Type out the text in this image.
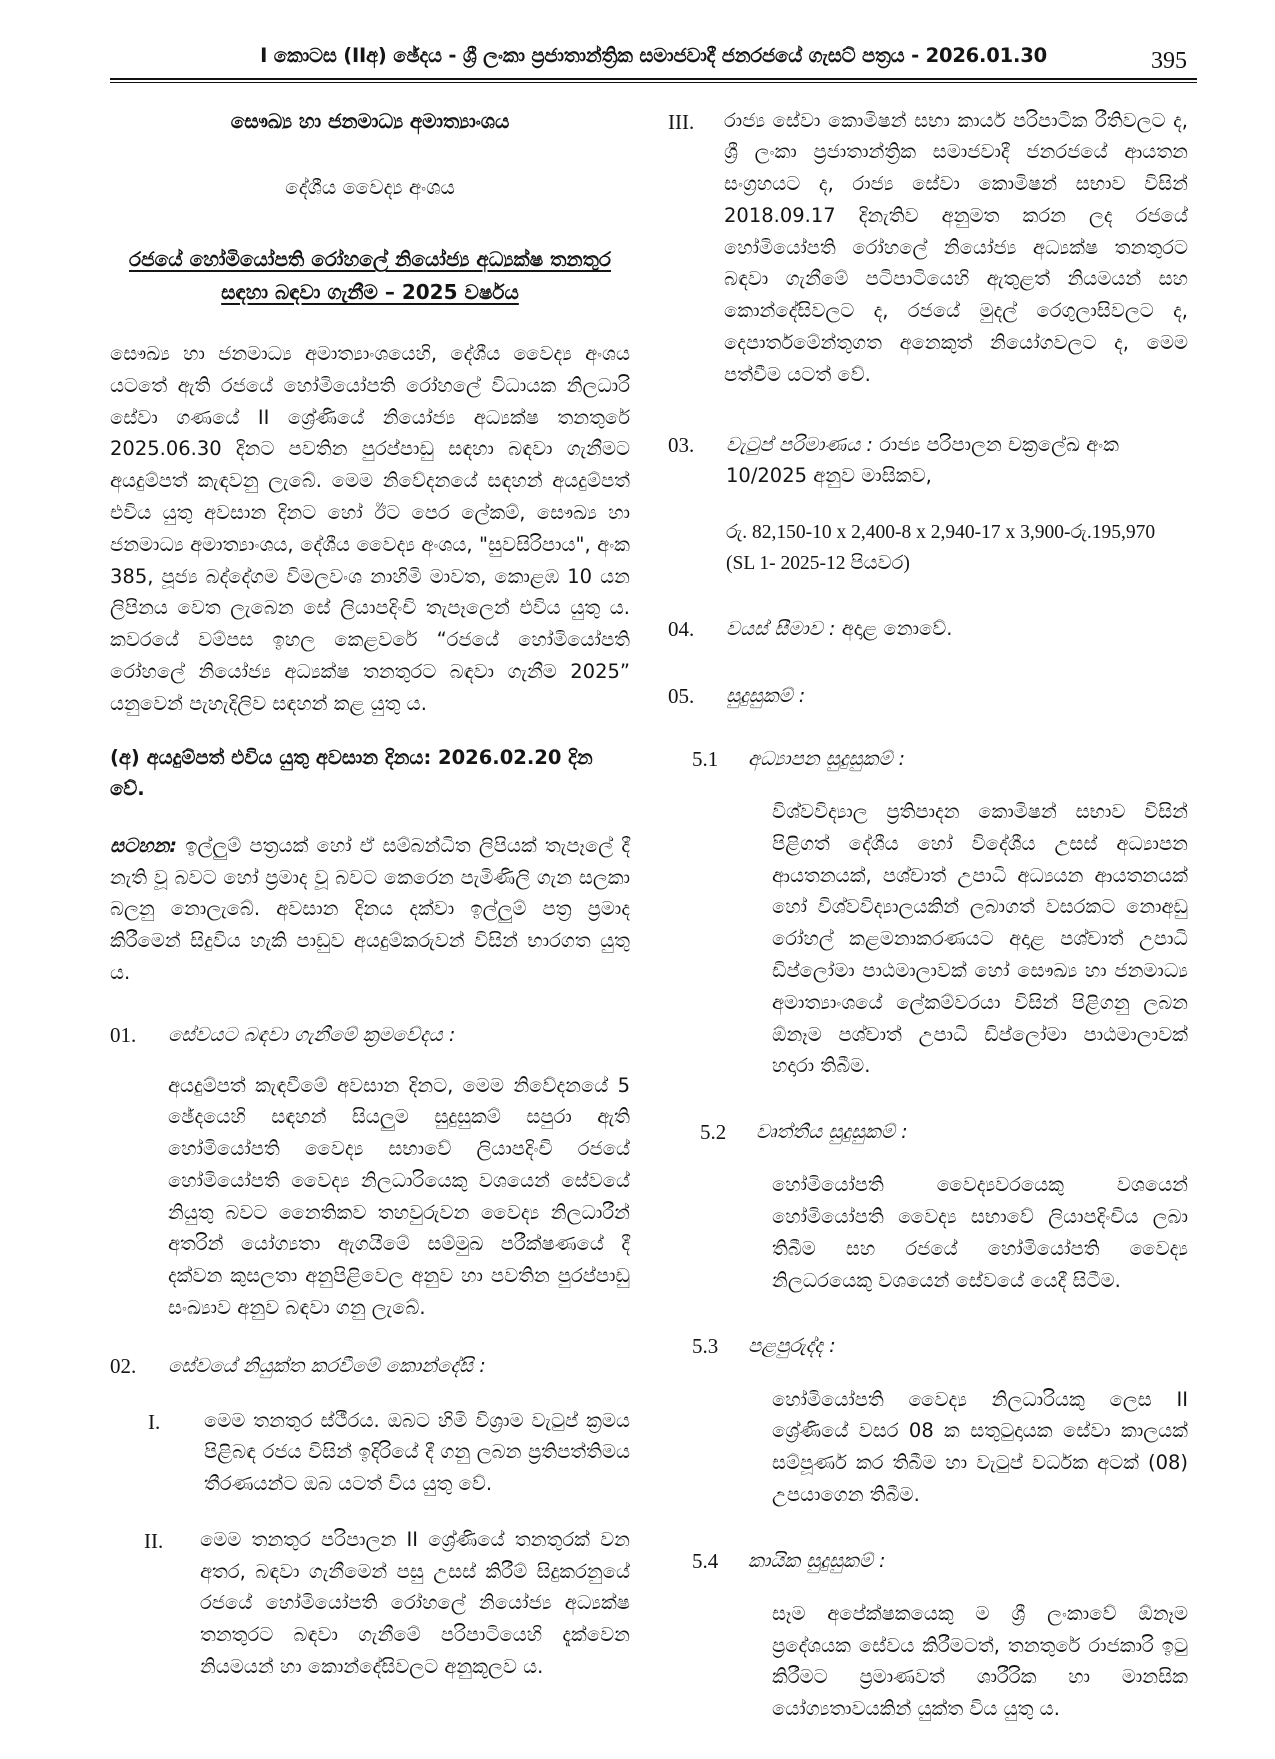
I කොටස (IIඅ) ඡේදය - ශ්‍රී ලංකා ප්‍රජාතාන්ත්‍රික සමාජවාදී ජනරජයේ ගැසට් පත්‍රය - 2026.01.30	395
සෞඛ්‍ය හා ජනමාධ්‍ය අමාත්‍යාංශය
දේශීය වෛද්‍ය අංශය
රජයේ හෝමියෝපති රෝහලේ නියෝජ්‍ය අධ්‍යක්ෂ තනතුර
සඳහා බඳවා ගැනීම – 2025 වර්ෂය

සෞඛ්‍ය හා ජනමාධ්‍ය අමාත්‍යාංශයෙහි, දේශීය වෛද්‍ය අංශය යටතේ ඇති රජයේ හෝමියෝපති රෝහලේ විධායක නිලධාරි සේවා ගණයේ II ශ්‍රේණියේ නියෝජ්‍ය අධ්‍යක්ෂ තනතුරේ 2025.06.30 දිනට පවතින පුරප්පාඩු සඳහා බඳවා ගැනීමට අයදුම්පත් කැඳවනු ලැබේ. මෙම නිවේදනයේ සඳහන් අයදුම්පත් එවිය යුතු අවසාන දිනට හෝ ඊට පෙර ලේකම්, සෞඛ්‍ය හා ජනමාධ්‍ය අමාත්‍යාංශය, දේශීය වෛද්‍ය අංශය, "සුවසිරිපාය", අංක 385, පූජ්‍ය බද්දේගම විමලවංශ නාහිමි මාවත, කොළඹ 10 යන ලිපිනය වෙත ලැබෙන සේ ලියාපදිංචි තැපෑලෙන් එවිය යුතු ය. කවරයේ වම්පස ඉහල කෙළවරේ “රජයේ හෝමියෝපති රෝහලේ නියෝජ්‍ය අධ්‍යක්ෂ තනතුරට බඳවා ගැනීම 2025” යනුවෙන් පැහැදිලිව සඳහන් කළ යුතු ය.

(අ) අයදුම්පත් එවිය යුතු අවසාන දිනය: 2026.02.20 දින වේ.

සටහන: ඉල්ලුම් පත්‍රයක් හෝ ඒ සම්බන්ධිත ලිපියක් තැපෑලේ දී නැති වූ බවට හෝ ප්‍රමාද වූ බවට කෙරෙන පැමිණිලි ගැන සලකා බලනු නොලැබේ. අවසාන දිනය දක්වා ඉල්ලුම් පත්‍ර ප්‍රමාද කිරීමෙන් සිදුවිය හැකි පාඩුව අයදුම්කරුවන් විසින් භාරගත යුතු ය.

01.	සේවයට බඳවා ගැනීමේ ක්‍රමවේදය :
අයදුම්පත් කැඳවීමේ අවසාන දිනට, මෙම නිවේදනයේ 5 ඡේදයෙහි සඳහන් සියලුම සුදුසුකම් සපුරා ඇති හෝමියෝපති වෛද්‍ය සභාවේ ලියාපදිංචි රජයේ හෝමියෝපති වෛද්‍ය නිලධාරියෙකු වශයෙන් සේවයේ නියුතු බවට නෛතිකව තහවුරුවන වෛද්‍ය නිලධාරීන් අතරින් යෝග්‍යතා ඇගයීමේ සම්මුඛ පරීක්ෂණයේ දී දක්වන කුසලතා අනුපිළිවෙල අනුව හා පවතින පුරප්පාඩු සංඛ්‍යාව අනුව බඳවා ගනු ලැබේ.
02.	සේවයේ නියුක්ත කරවීමේ කොන්දේසි :
I.	මෙම තනතුර ස්ථීරය. ඔබට හිමි විශ්‍රාම වැටුප් ක්‍රමය පිළිබඳ රජය විසින් ඉදිරියේ දී ගනු ලබන ප්‍රතිපත්තිමය තීරණයන්ට ඔබ යටත් විය යුතු වේ.
II.	මෙම තනතුර පරිපාලන II ශ්‍රේණියේ තනතුරක් වන අතර, බඳවා ගැනීමෙන් පසු උසස් කිරීම් සිදුකරනුයේ රජයේ හෝමියෝපති රෝහලේ නියෝජ්‍ය අධ්‍යක්ෂ තනතුරට බඳවා ගැනීමේ පරිපාටියෙහි දැක්වෙන නියමයන් හා කොන්දේසිවලට අනුකූලව ය.
III.	රාජ්‍ය සේවා කොමිෂන් සභා කාර්ය පරිපාටික රීතිවලට ද, ශ්‍රී ලංකා ප්‍රජාතාන්ත්‍රික සමාජවාදී ජනරජයේ ආයතන සංග්‍රහයට ද, රාජ්‍ය සේවා කොමිෂන් සභාව විසින් 2018.09.17 දිනැතිව අනුමත කරන ලද රජයේ හෝමියෝපති රෝහලේ නියෝජ්‍ය අධ්‍යක්ෂ තනතුරට බඳවා ගැනීමේ පටිපාටියෙහි ඇතුළත් නියමයන් සහ කොන්දේසිවලට ද, රජයේ මුදල් රෙගුලාසිවලට ද, දෙපාර්තමේන්තුගත අනෙකුත් නියෝගවලට ද, මෙම පත්වීම යටත් වේ.
03.	වැටුප් පරිමාණය : රාජ්‍ය පරිපාලන චක්‍රලේඛ අංක 10/2025 අනුව මාසිකව,
රු. 82,150-10 x 2,400-8 x 2,940-17 x 3,900-රු.195,970
(SL 1- 2025-12 පියවර)
04.	වයස් සීමාව : අදාළ නොවේ.
05.	සුදුසුකම් :
5.1	අධ්‍යාපන සුදුසුකම් :
විශ්වවිද්‍යාල ප්‍රතිපාදන කොමිෂන් සභාව විසින් පිළිගත් දේශීය හෝ විදේශීය උසස් අධ්‍යාපන ආයතනයක්, පශ්චාත් උපාධි අධ්‍යයන ආයතනයක් හෝ විශ්වවිද්‍යාලයකින් ලබාගත් වසරකට නොඅඩු රෝහල් කළමනාකරණයට අදාළ පශ්චාත් උපාධි ඩිප්ලෝමා පාඨමාලාවක් හෝ සෞඛ්‍ය හා ජනමාධ්‍ය අමාත්‍යාංශයේ ලේකම්වරයා විසින් පිළිගනු ලබන ඕනෑම පශ්චාත් උපාධි ඩිප්ලෝමා පාඨමාලාවක් හදාරා තිබීම.
5.2	වෘත්තීය සුදුසුකම් :
හෝමියෝපති වෛද්‍යවරයෙකු වශයෙන් හෝමියෝපති වෛද්‍ය සභාවේ ලියාපදිංචිය ලබා තිබීම සහ රජයේ හෝමියෝපති වෛද්‍ය නිලධරයෙකු වශයෙන් සේවයේ යෙදී සිටීම.
5.3	පළපුරුද්ද :
හෝමියෝපති වෛද්‍ය නිලධාරියකු ලෙස II ශ්‍රේණියේ වසර 08 ක සතුටුදායක සේවා කාලයක් සම්පූර්ණ කර තිබීම හා වැටුප් වර්ධක අටක් (08) උපයාගෙන තිබීම.
5.4	කායික සුදුසුකම් :
සෑම අපේක්ෂකයෙකු ම ශ්‍රී ලංකාවේ ඕනෑම ප්‍රදේශයක සේවය කිරීමටත්, තනතුරේ රාජකාරි ඉටු කිරීමට ප්‍රමාණවත් ශාරීරික හා මානසික යෝග්‍යතාවයකින් යුක්ත විය යුතු ය.
